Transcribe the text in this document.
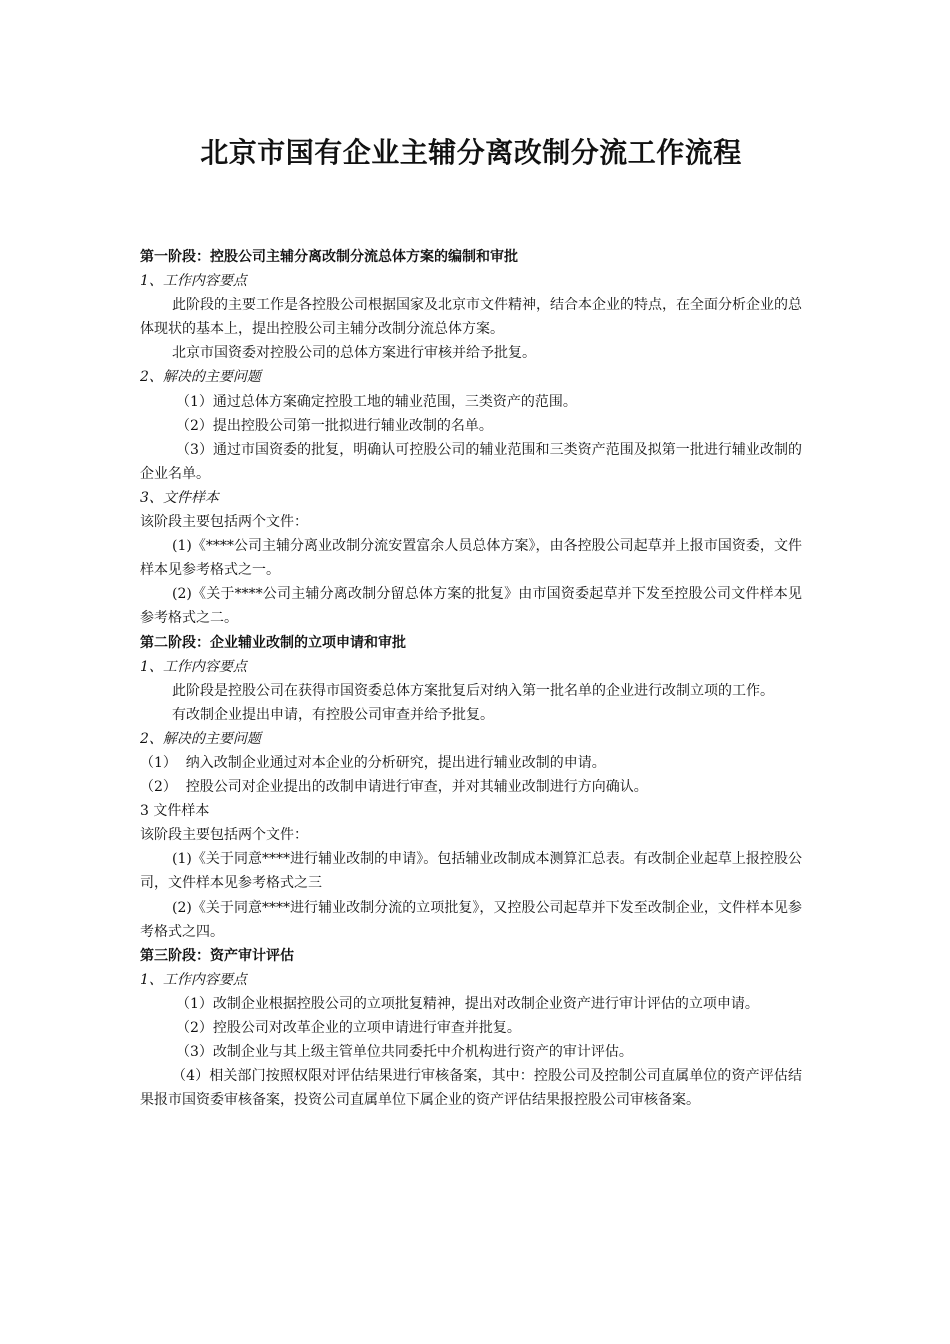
北京市国有企业主辅分离改制分流工作流程

第一阶段：控股公司主辅分离改制分流总体方案的编制和审批

1、工作内容要点

此阶段的主要工作是各控股公司根据国家及北京市文件精神，结合本企业的特点，在全面分析企业的总体现状的基本上，提出控股公司主辅分改制分流总体方案。

北京市国资委对控股公司的总体方案进行审核并给予批复。

2、解决的主要问题

（1）通过总体方案确定控股工地的辅业范围，三类资产的范围。

（2）提出控股公司第一批拟进行辅业改制的名单。

（3）通过市国资委的批复，明确认可控股公司的辅业范围和三类资产范围及拟第一批进行辅业改制的企业名单。

3、文件样本

该阶段主要包括两个文件：

(1)《****公司主辅分离业改制分流安置富余人员总体方案》，由各控股公司起草并上报市国资委，文件样本见参考格式之一。

(2)《关于****公司主辅分离改制分留总体方案的批复》由市国资委起草并下发至控股公司文件样本见参考格式之二。

第二阶段：企业辅业改制的立项申请和审批

1、工作内容要点

此阶段是控股公司在获得市国资委总体方案批复后对纳入第一批名单的企业进行改制立项的工作。

有改制企业提出申请，有控股公司审查并给予批复。

2、解决的主要问题

（1）  纳入改制企业通过对本企业的分析研究，提出进行辅业改制的申请。

（2）  控股公司对企业提出的改制申请进行审查，并对其辅业改制进行方向确认。

3 文件样本

该阶段主要包括两个文件：

(1)《关于同意****进行辅业改制的申请》。包括辅业改制成本测算汇总表。有改制企业起草上报控股公司，文件样本见参考格式之三

(2)《关于同意****进行辅业改制分流的立项批复》，又控股公司起草并下发至改制企业，文件样本见参考格式之四。

第三阶段：资产审计评估

1、工作内容要点

（1）改制企业根据控股公司的立项批复精神，提出对改制企业资产进行审计评估的立项申请。

（2）控股公司对改革企业的立项申请进行审查并批复。

（3）改制企业与其上级主管单位共同委托中介机构进行资产的审计评估。

（4）相关部门按照权限对评估结果进行审核备案，其中：控股公司及控制公司直属单位的资产评估结果报市国资委审核备案，投资公司直属单位下属企业的资产评估结果报控股公司审核备案。
